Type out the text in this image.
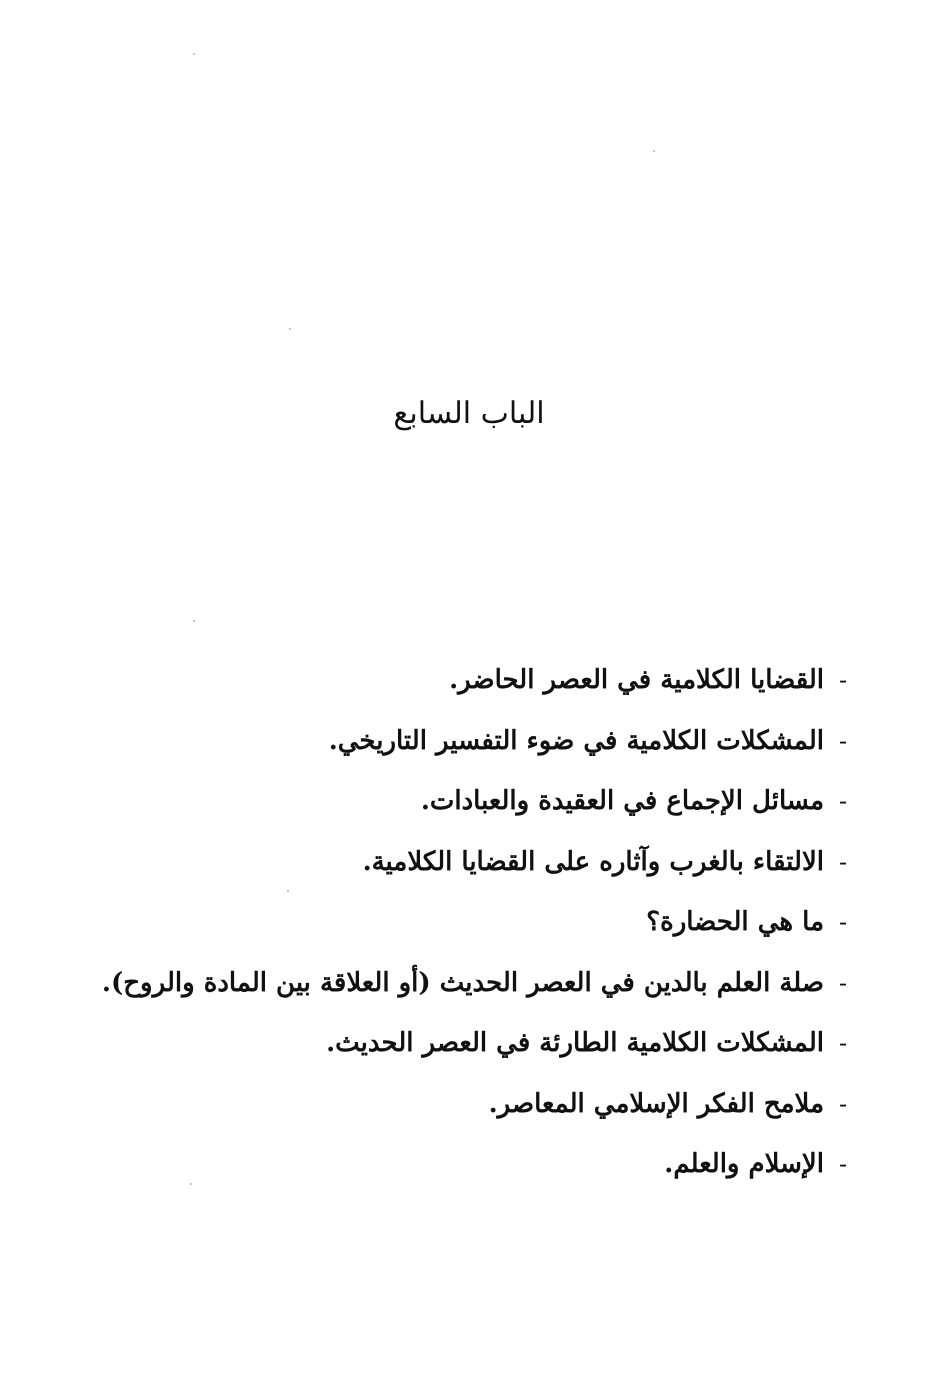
الباب السابع
-
القضايا الكلامية في العصر الحاضر.
-
المشكلات الكلامية في ضوء التفسير التاريخي.
-
مسائل الإجماع في العقيدة والعبادات.
-
الالتقاء بالغرب وآثاره على القضايا الكلامية.
-
ما هي الحضارة؟
-
صلة العلم بالدين في العصر الحديث (أو العلاقة بين المادة والروح).
-
المشكلات الكلامية الطارئة في العصر الحديث.
-
ملامح الفكر الإسلامي المعاصر.
-
الإسلام والعلم.
